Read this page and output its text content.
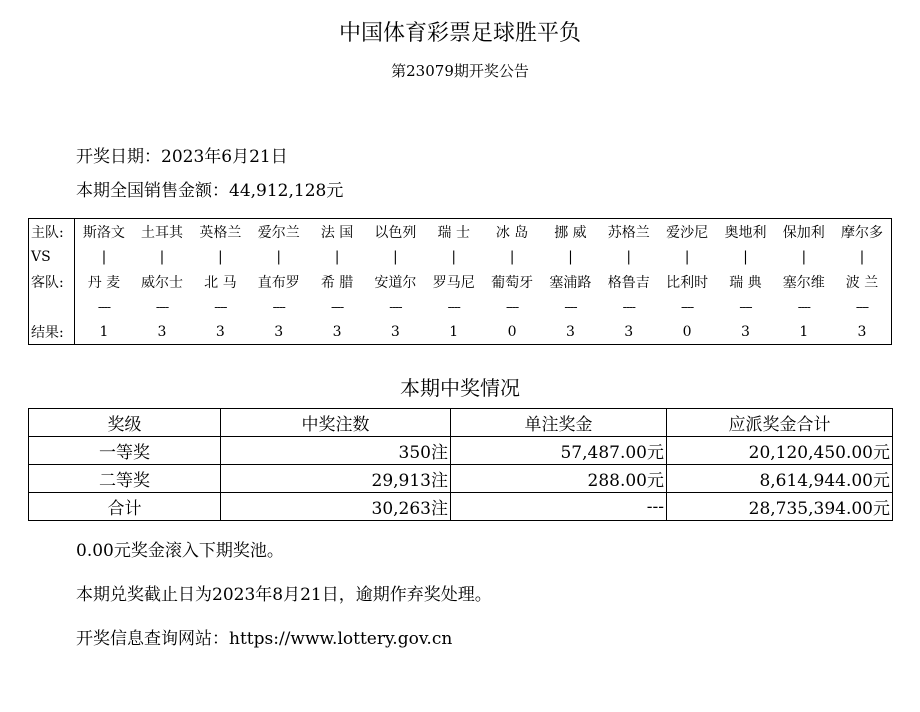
中国体育彩票足球胜平负
第23079期开奖公告
开奖日期：2023年6月21日
本期全国销售金额：44,912,128元
主队:	斯洛文	土耳其	英格兰	爱尔兰	法 国	以色列	瑞 士	冰 岛	挪 威	苏格兰	爱沙尼	奥地利	保加利	摩尔多
VS	|	|	|	|	|	|	|	|	|	|	|	|	|	|
客队:	丹 麦	威尔士	北 马	直布罗	希 腊	安道尔	罗马尼	葡萄牙	塞浦路	格鲁吉	比利时	瑞 典	塞尔维	波 兰
	----	----	----	----	----	----	----	----	----	----	----	----	----	----
结果:	1	3	3	3	3	3	1	0	3	3	0	3	1	3
本期中奖情况
奖级	中奖注数	单注奖金	应派奖金合计
一等奖	350注	57,487.00元	20,120,450.00元
二等奖	29,913注	288.00元	8,614,944.00元
合计	30,263注	---	28,735,394.00元
0.00元奖金滚入下期奖池。
本期兑奖截止日为2023年8月21日，逾期作弃奖处理。
开奖信息查询网站：https://www.lottery.gov.cn
